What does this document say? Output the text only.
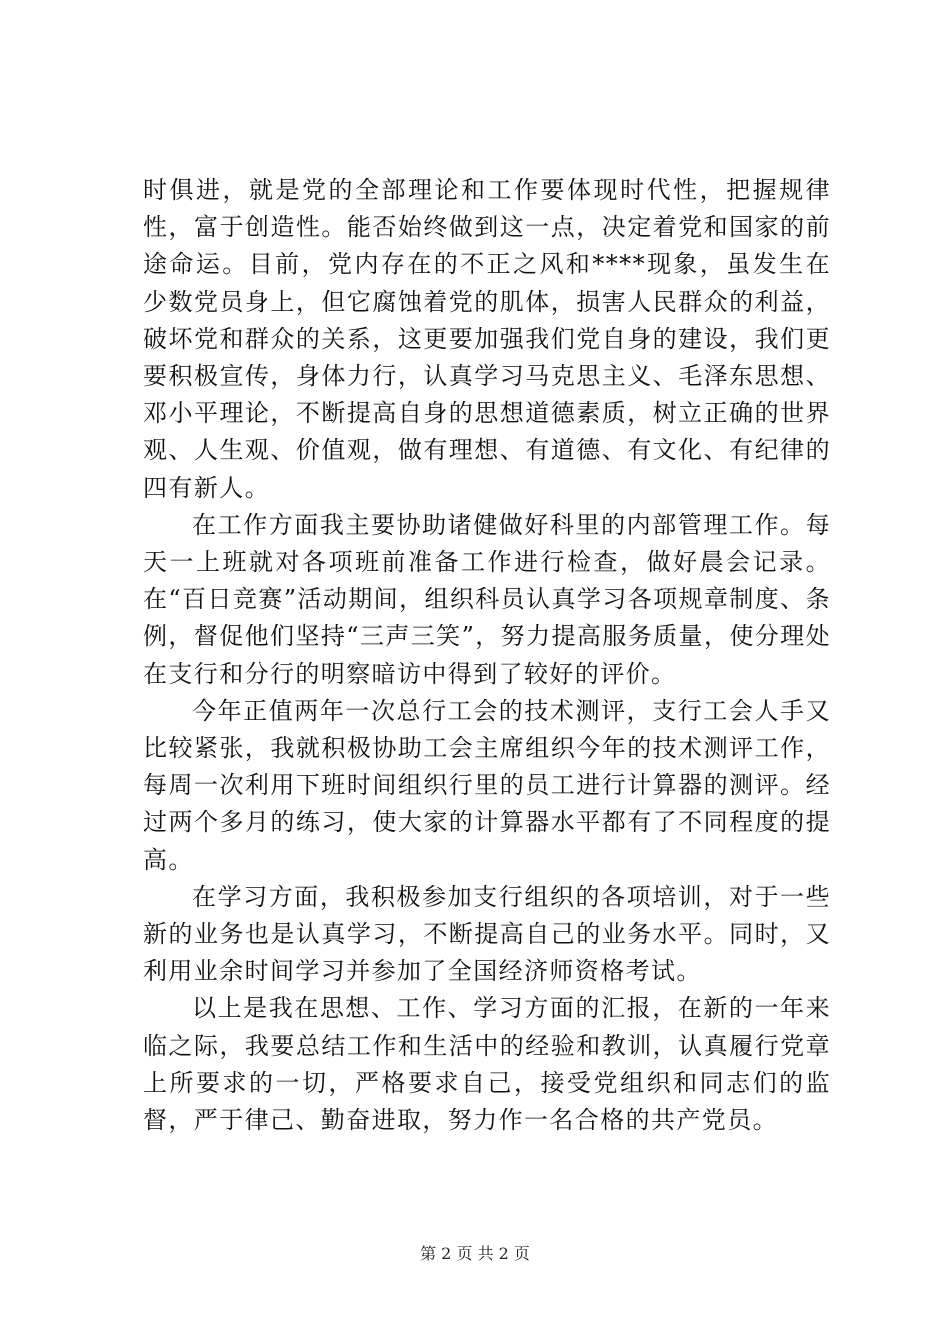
时俱进，就是党的全部理论和工作要体现时代性，把握规律性，富于创造性。能否始终做到这一点，决定着党和国家的前途命运。目前，党内存在的不正之风和****现象，虽发生在少数党员身上，但它腐蚀着党的肌体，损害人民群众的利益，破坏党和群众的关系，这更要加强我们党自身的建设，我们更要积极宣传，身体力行，认真学习马克思主义、毛泽东思想、邓小平理论，不断提高自身的思想道德素质，树立正确的世界观、人生观、价值观，做有理想、有道德、有文化、有纪律的四有新人。

在工作方面我主要协助诸健做好科里的内部管理工作。每天一上班就对各项班前准备工作进行检查，做好晨会记录。在“百日竞赛”活动期间，组织科员认真学习各项规章制度、条例，督促他们坚持“三声三笑”，努力提高服务质量，使分理处在支行和分行的明察暗访中得到了较好的评价。

今年正值两年一次总行工会的技术测评，支行工会人手又比较紧张，我就积极协助工会主席组织今年的技术测评工作，每周一次利用下班时间组织行里的员工进行计算器的测评。经过两个多月的练习，使大家的计算器水平都有了不同程度的提高。

在学习方面，我积极参加支行组织的各项培训，对于一些新的业务也是认真学习，不断提高自己的业务水平。同时，又利用业余时间学习并参加了全国经济师资格考试。

以上是我在思想、工作、学习方面的汇报，在新的一年来临之际，我要总结工作和生活中的经验和教训，认真履行党章上所要求的一切，严格要求自己，接受党组织和同志们的监督，严于律己、勤奋进取，努力作一名合格的共产党员。

第 2 页 共 2 页
